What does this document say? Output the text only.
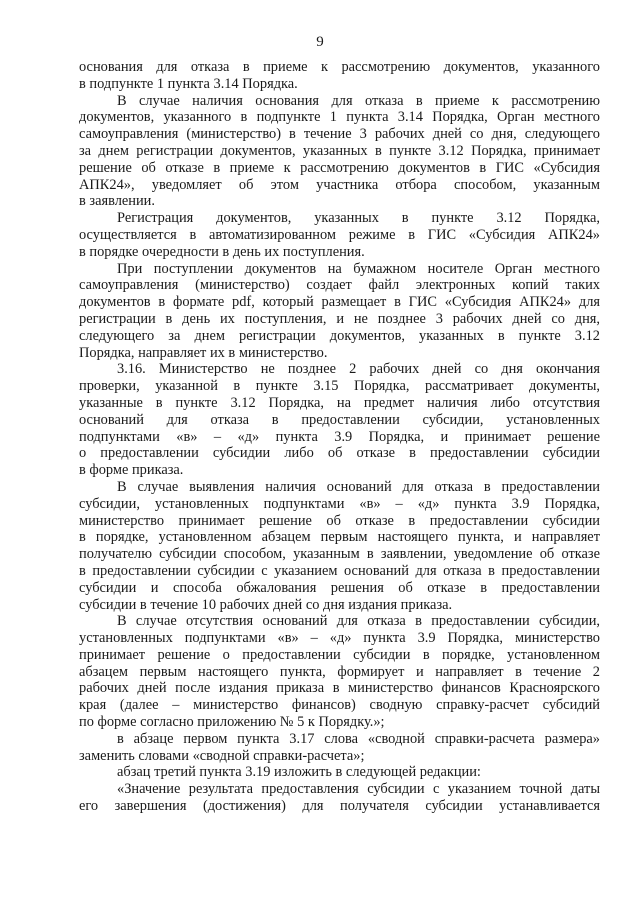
9
основания для отказа в приеме к рассмотрению документов, указанного
в подпункте 1 пункта 3.14 Порядка.
В случае наличия основания для отказа в приеме к рассмотрению
документов, указанного в подпункте 1 пункта 3.14 Порядка, Орган местного
самоуправления (министерство) в течение 3 рабочих дней со дня, следующего
за днем регистрации документов, указанных в пункте 3.12 Порядка, принимает
решение об отказе в приеме к рассмотрению документов в ГИС «Субсидия
АПК24», уведомляет об этом участника отбора способом, указанным
в заявлении.
Регистрация документов, указанных в пункте 3.12 Порядка,
осуществляется в автоматизированном режиме в ГИС «Субсидия АПК24»
в порядке очередности в день их поступления.
При поступлении документов на бумажном носителе Орган местного
самоуправления (министерство) создает файл электронных копий таких
документов в формате pdf, который размещает в ГИС «Субсидия АПК24» для
регистрации в день их поступления, и не позднее 3 рабочих дней со дня,
следующего за днем регистрации документов, указанных в пункте 3.12
Порядка, направляет их в министерство.
3.16. Министерство не позднее 2 рабочих дней со дня окончания
проверки, указанной в пункте 3.15 Порядка, рассматривает документы,
указанные в пункте 3.12 Порядка, на предмет наличия либо отсутствия
оснований для отказа в предоставлении субсидии, установленных
подпунктами «в» – «д» пункта 3.9 Порядка, и принимает решение
о предоставлении субсидии либо об отказе в предоставлении субсидии
в форме приказа.
В случае выявления наличия оснований для отказа в предоставлении
субсидии, установленных подпунктами «в» – «д» пункта 3.9 Порядка,
министерство принимает решение об отказе в предоставлении субсидии
в порядке, установленном абзацем первым настоящего пункта, и направляет
получателю субсидии способом, указанным в заявлении, уведомление об отказе
в предоставлении субсидии с указанием оснований для отказа в предоставлении
субсидии и способа обжалования решения об отказе в предоставлении
субсидии в течение 10 рабочих дней со дня издания приказа.
В случае отсутствия оснований для отказа в предоставлении субсидии,
установленных подпунктами «в» – «д» пункта 3.9 Порядка, министерство
принимает решение о предоставлении субсидии в порядке, установленном
абзацем первым настоящего пункта, формирует и направляет в течение 2
рабочих дней после издания приказа в министерство финансов Красноярского
края (далее – министерство финансов) сводную справку-расчет субсидий
по форме согласно приложению № 5 к Порядку.»;
в абзаце первом пункта 3.17 слова «сводной справки-расчета размера»
заменить словами «сводной справки-расчета»;
абзац третий пункта 3.19 изложить в следующей редакции:
«Значение результата предоставления субсидии с указанием точной даты
его завершения (достижения) для получателя субсидии устанавливается
